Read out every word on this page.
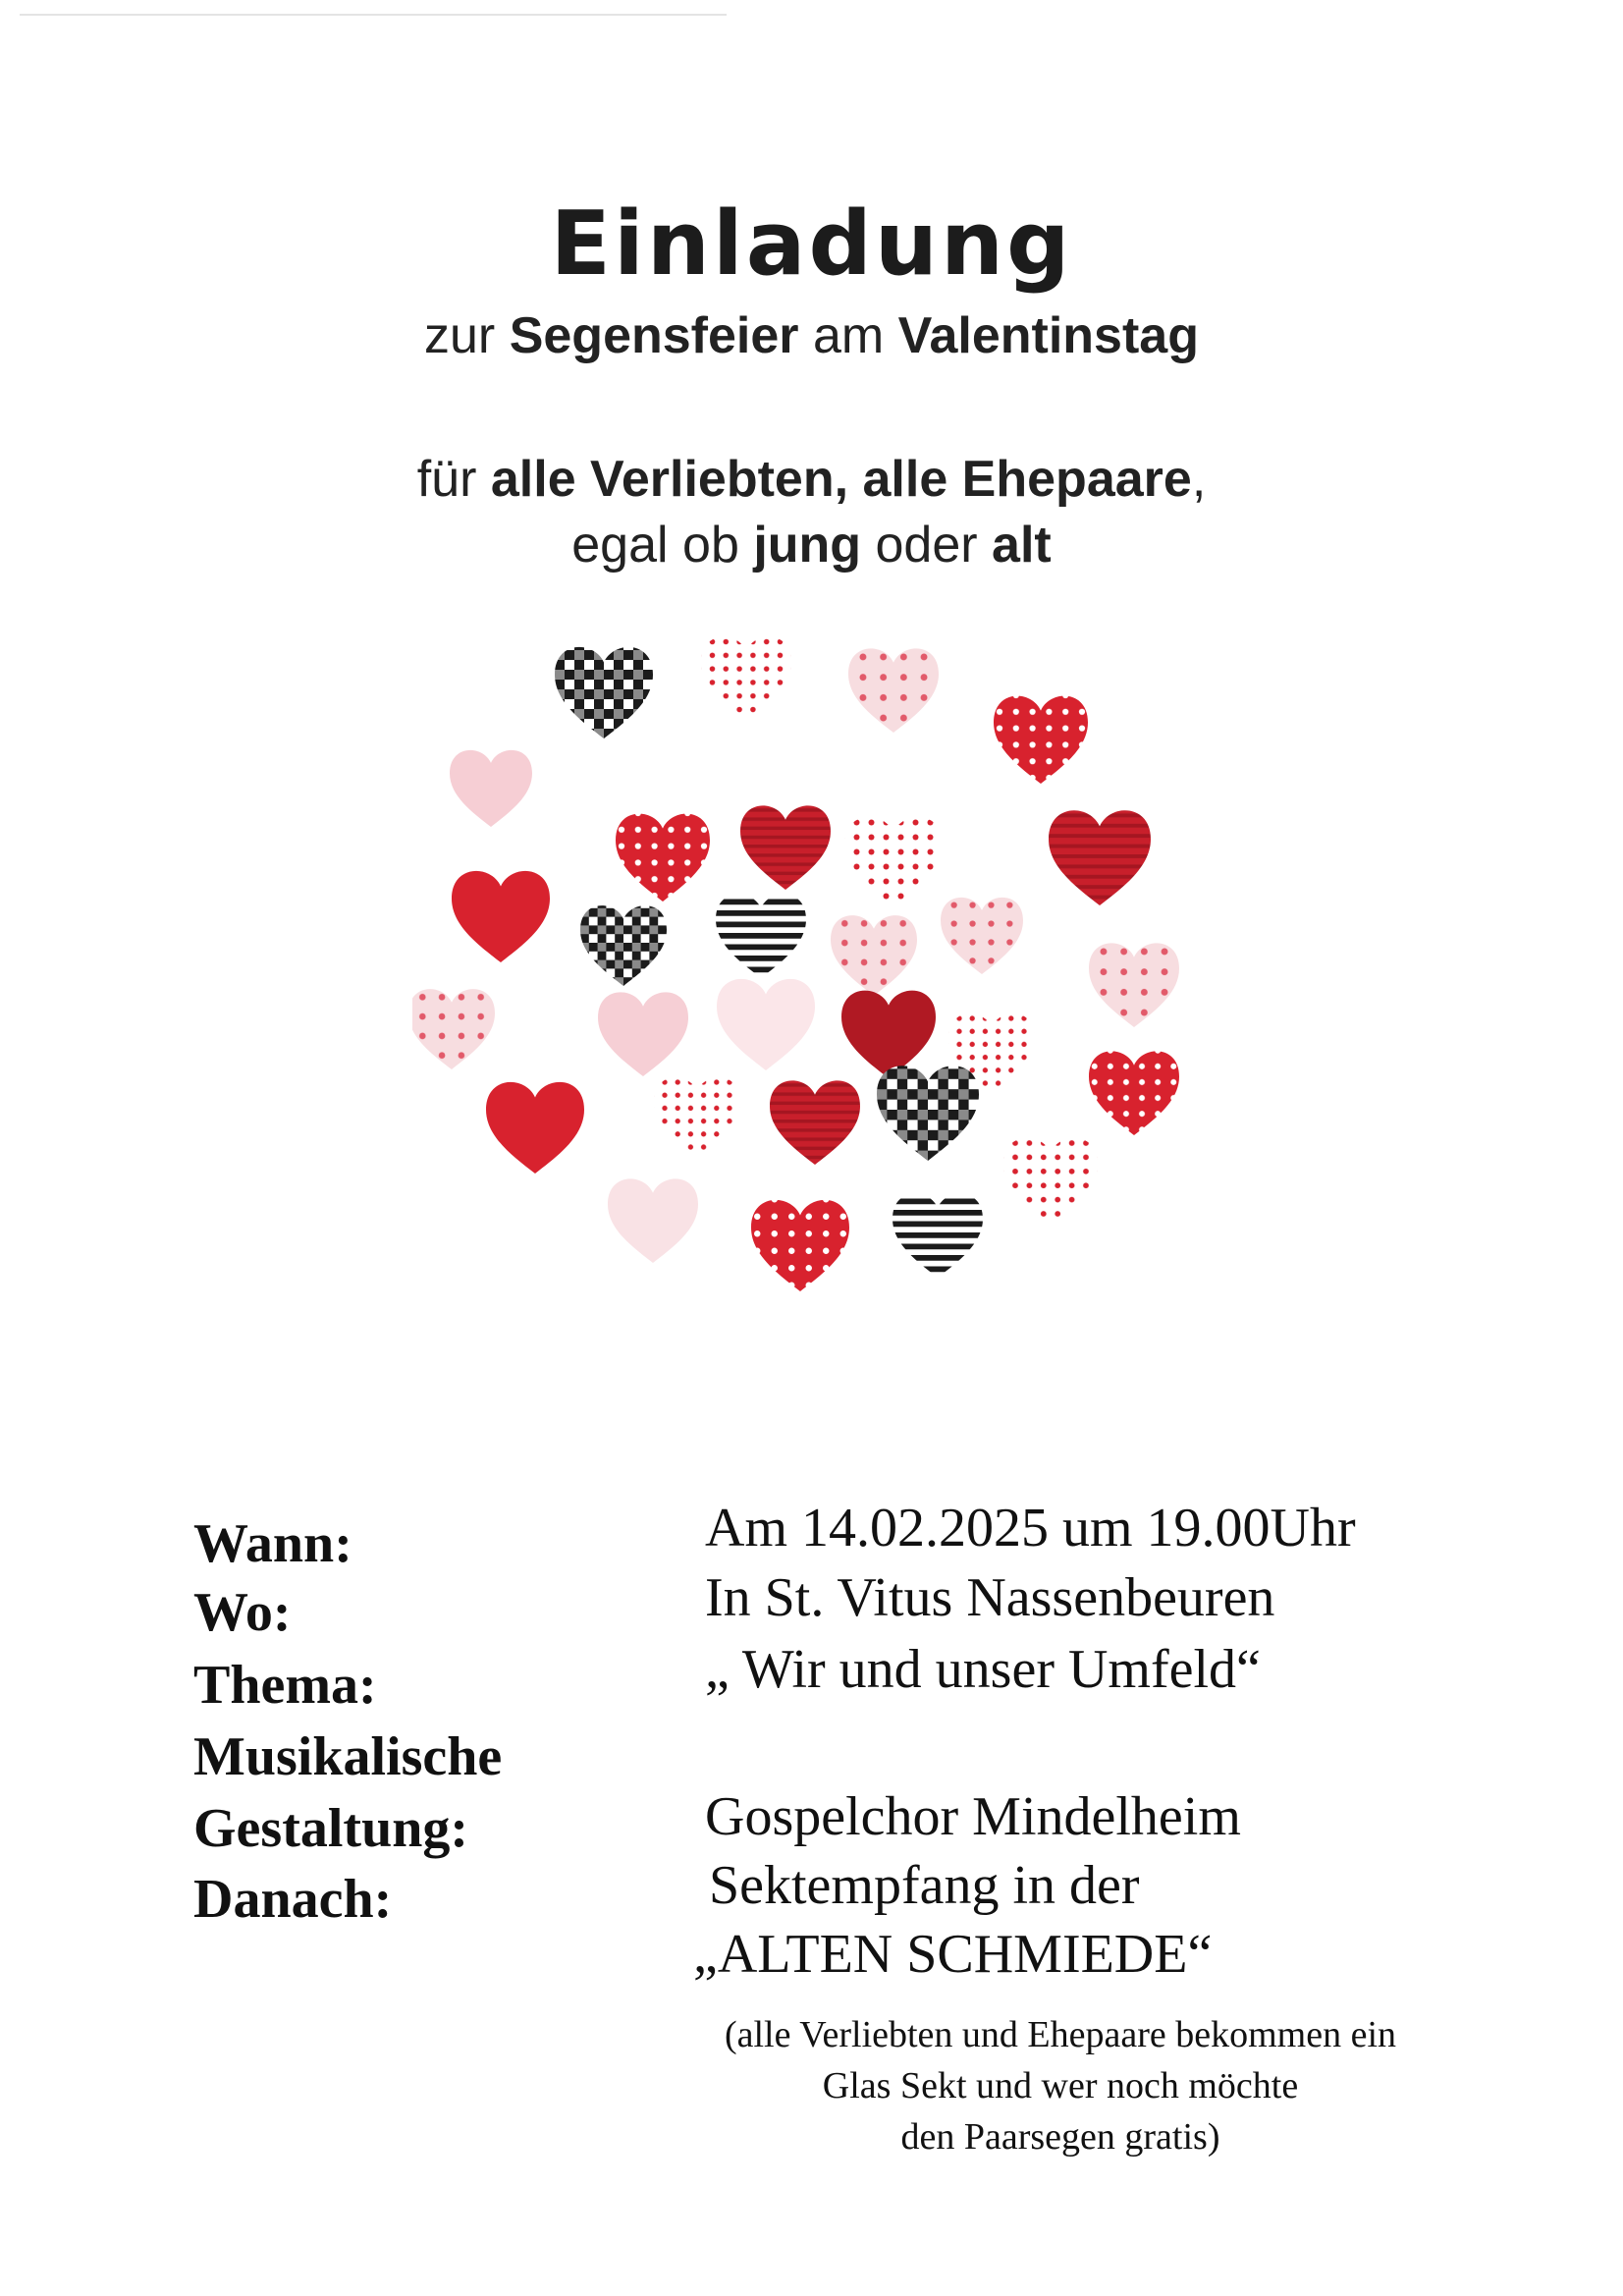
Einladung
zur Segensfeier am Valentinstag
für alle Verliebten, alle Ehepaare,
egal ob jung oder alt
Wann:	Am 14.02.2025 um 19.00Uhr
Wo:	In St. Vitus Nassenbeuren
Thema:	„ Wir und unser Umfeld“
Musikalische
Gestaltung:	Gospelchor Mindelheim
Danach:	Sektempfang in der
„ALTEN SCHMIEDE“
(alle Verliebten und Ehepaare bekommen ein
Glas Sekt und wer noch möchte
den Paarsegen gratis)
